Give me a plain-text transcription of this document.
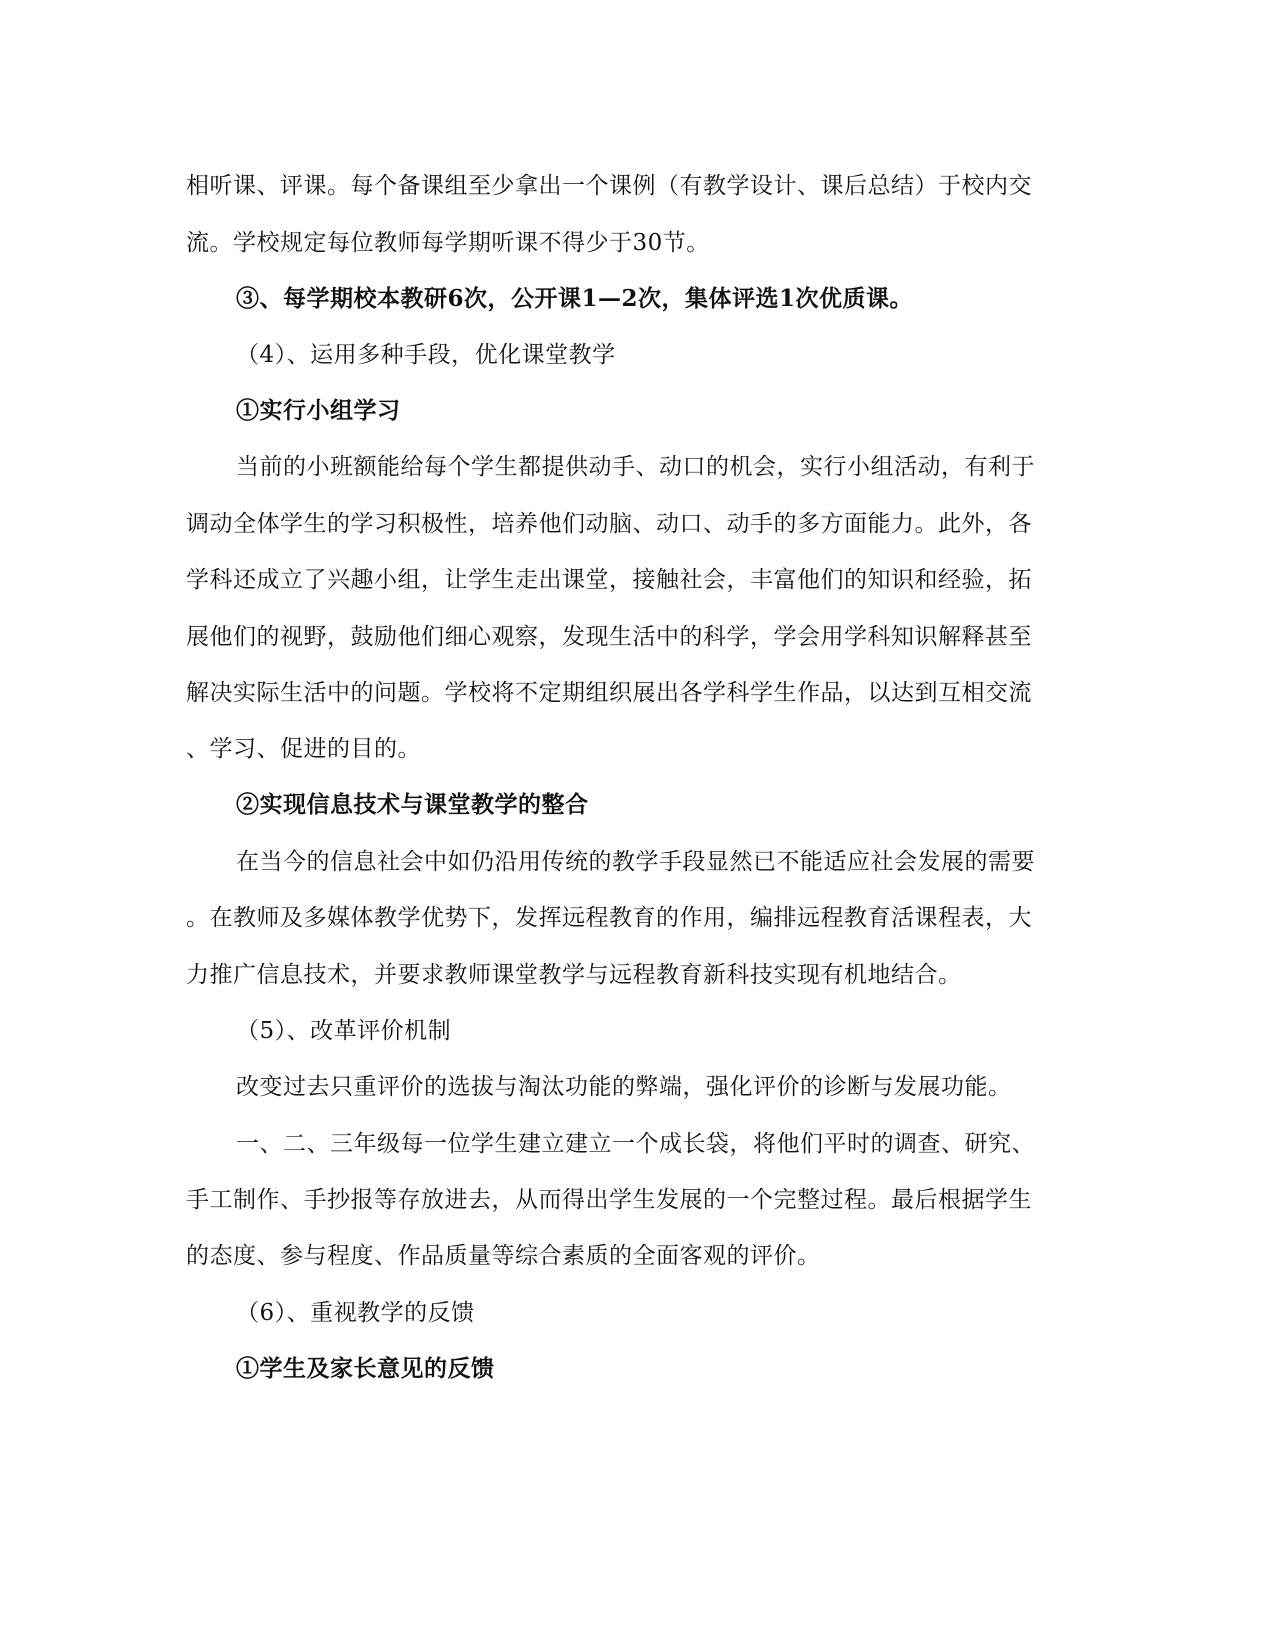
相听课、评课。每个备课组至少拿出一个课例（有教学设计、课后总结）于校内交
流。学校规定每位教师每学期听课不得少于30节。
③、每学期校本教研6次，公开课1—2次，集体评选1次优质课。
（4）、运用多种手段，优化课堂教学
①实行小组学习
当前的小班额能给每个学生都提供动手、动口的机会，实行小组活动，有利于
调动全体学生的学习积极性，培养他们动脑、动口、动手的多方面能力。此外，各
学科还成立了兴趣小组，让学生走出课堂，接触社会，丰富他们的知识和经验，拓
展他们的视野，鼓励他们细心观察，发现生活中的科学，学会用学科知识解释甚至
解决实际生活中的问题。学校将不定期组织展出各学科学生作品，以达到互相交流
、学习、促进的目的。
②实现信息技术与课堂教学的整合
在当今的信息社会中如仍沿用传统的教学手段显然已不能适应社会发展的需要
。在教师及多媒体教学优势下，发挥远程教育的作用，编排远程教育活课程表，大
力推广信息技术，并要求教师课堂教学与远程教育新科技实现有机地结合。
（5）、改革评价机制
改变过去只重评价的选拔与淘汰功能的弊端，强化评价的诊断与发展功能。
一、二、三年级每一位学生建立建立一个成长袋，将他们平时的调查、研究、
手工制作、手抄报等存放进去，从而得出学生发展的一个完整过程。最后根据学生
的态度、参与程度、作品质量等综合素质的全面客观的评价。
（6）、重视教学的反馈
①学生及家长意见的反馈
